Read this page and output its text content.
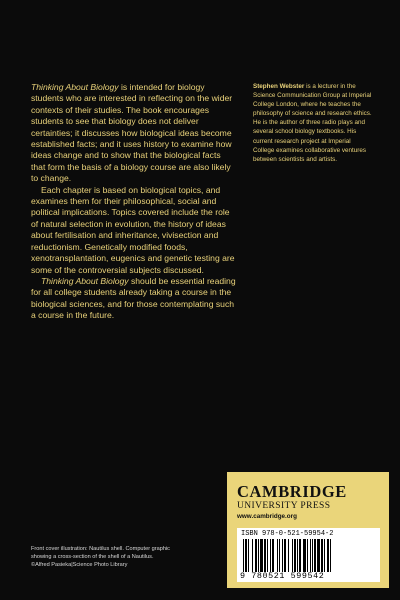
Thinking About Biology is intended for biology students who are interested in reflecting on the wider contexts of their studies. The book encourages students to see that biology does not deliver certainties; it discusses how biological ideas become established facts; and it uses history to examine how ideas change and to show that the biological facts that form the basis of a biology course are also likely to change.

Each chapter is based on biological topics, and examines them for their philosophical, social and political implications. Topics covered include the role of natural selection in evolution, the history of ideas about fertilisation and inheritance, vivisection and reductionism. Genetically modified foods, xenotransplantation, eugenics and genetic testing are some of the controversial subjects discussed.

Thinking About Biology should be essential reading for all college students already taking a course in the biological sciences, and for those contemplating such a course in the future.

Stephen Webster is a lecturer in the Science Communication Group at Imperial College London, where he teaches the philosophy of science and research ethics. He is the author of three radio plays and several school biology textbooks. His current research project at Imperial College examines collaborative ventures between scientists and artists.
Front cover illustration: Nautilus shell. Computer graphic
showing a cross-section of the shell of a Nautilus.
©Alfred Pasieka|Science Photo Library
CAMBRIDGE
UNIVERSITY PRESS
www.cambridge.org
ISBN 978-0-521-59954-2
9 780521 599542
